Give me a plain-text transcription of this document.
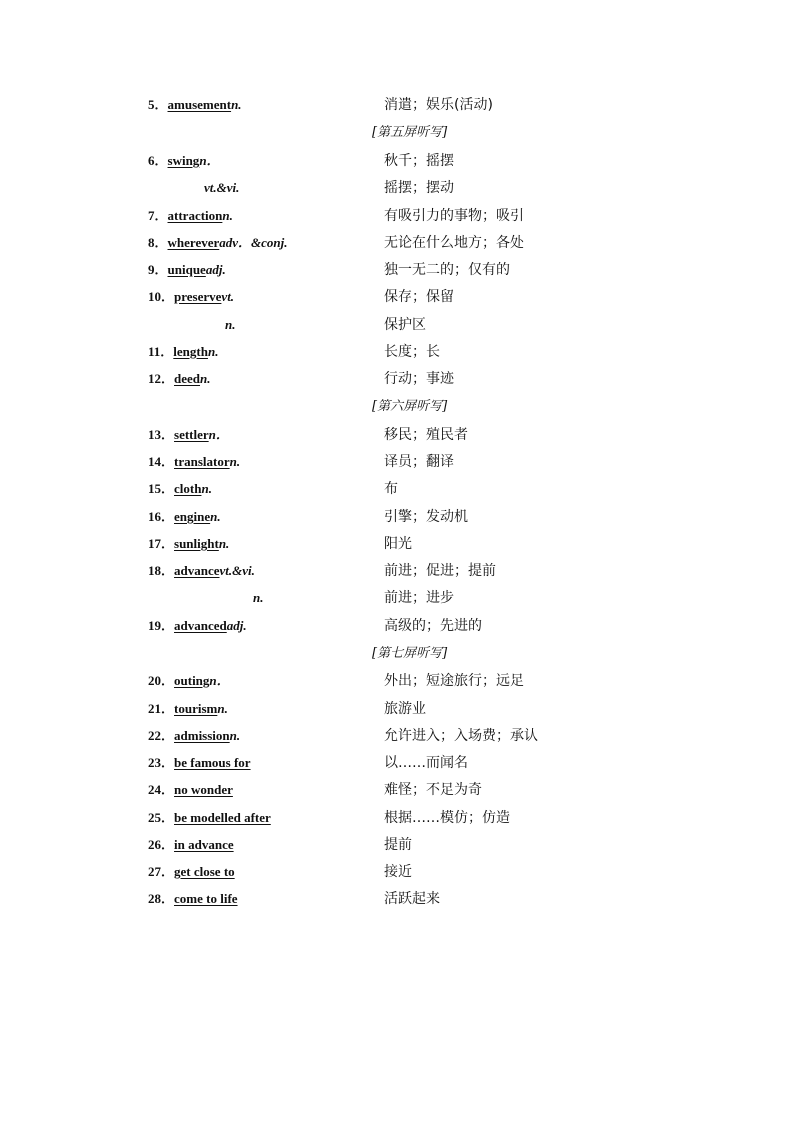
5．amusementn.	消遣；娱乐(活动)
[第五屏听写]
6．swingn．	秋千；摇摆
vt.&vi.	摇摆；摆动
7．attractionn.	有吸引力的事物；吸引
8．whereveradv．&conj.	无论在什么地方；各处
9．uniqueadj.	独一无二的；仅有的
10．preservevt.	保存；保留
n.	保护区
11．lengthn.	长度；长
12．deedn.	行动；事迹
[第六屏听写]
13．settlern．	移民；殖民者
14．translatorn.	译员；翻译
15．clothn.	布
16．enginen.	引擎；发动机
17．sunlightn.	阳光
18．advancevt.&vi.	前进；促进；提前
n.	前进；进步
19．advancedadj.	高级的；先进的
[第七屏听写]
20．outingn．	外出；短途旅行；远足
21．tourismn.	旅游业
22．admissionn.	允许进入；入场费；承认
23．be famous for	以……而闻名
24．no wonder	难怪；不足为奇
25．be modelled after	根据……模仿；仿造
26．in advance	提前
27．get close to	接近
28．come to life	活跃起来
